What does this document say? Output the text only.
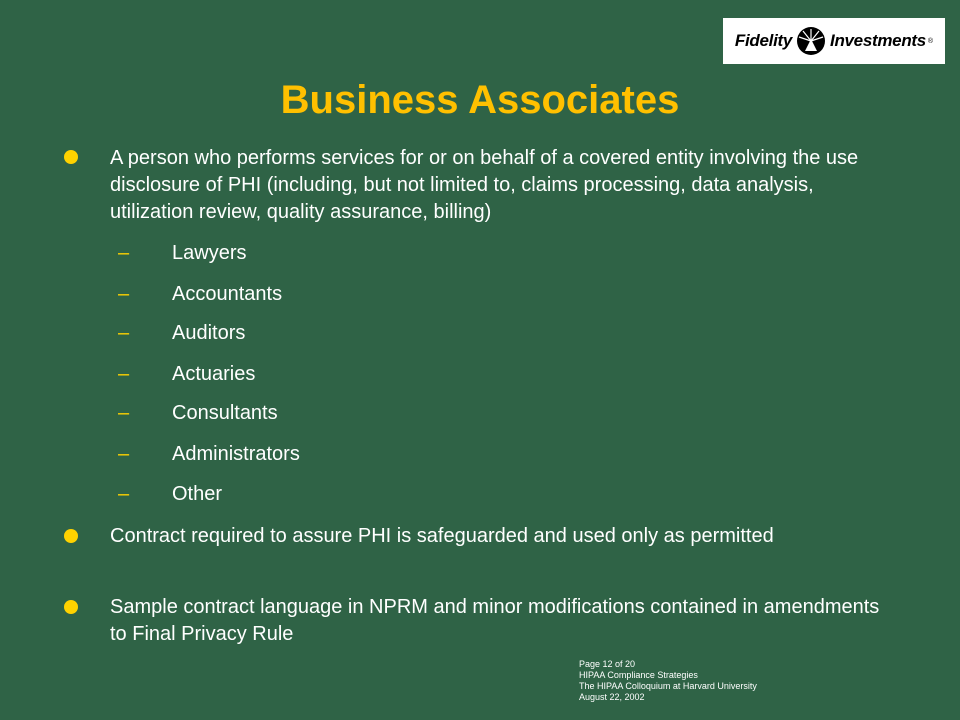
Fidelity Investments ®
Business Associates
A person who performs services for or on behalf of a covered entity involving the use disclosure of PHI (including, but not limited to, claims processing, data analysis, utilization review, quality assurance, billing)
– Lawyers
– Accountants
– Auditors
– Actuaries
– Consultants
– Administrators
– Other
Contract required to assure PHI is safeguarded and used only as permitted
Sample contract language in NPRM and minor modifications contained in amendments to Final Privacy Rule
Page 12 of 20
HIPAA Compliance Strategies
The HIPAA Colloquium at Harvard University
August 22, 2002
